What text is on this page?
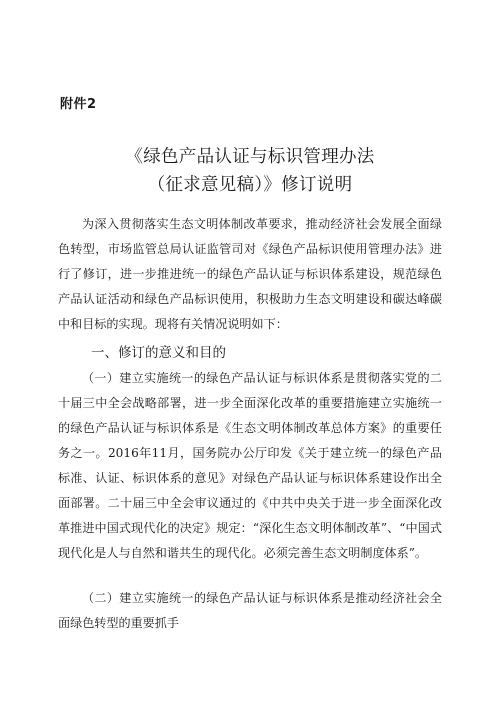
附件2
《绿色产品认证与标识管理办法
（征求意见稿）》修订说明

为深入贯彻落实生态文明体制改革要求，推动经济社会发展全面绿色转型，市场监管总局认证监管司对《绿色产品标识使用管理办法》进行了修订，进一步推进统一的绿色产品认证与标识体系建设，规范绿色产品认证活动和绿色产品标识使用，积极助力生态文明建设和碳达峰碳中和目标的实现。现将有关情况说明如下：

一、修订的意义和目的

（一）建立实施统一的绿色产品认证与标识体系是贯彻落实党的二十届三中全会战略部署，进一步全面深化改革的重要措施建立实施统一的绿色产品认证与标识体系是《生态文明体制改革总体方案》的重要任务之一。2016年11月，国务院办公厅印发《关于建立统一的绿色产品标准、认证、标识体系的意见》对绿色产品认证与标识体系建设作出全面部署。二十届三中全会审议通过的《中共中央关于进一步全面深化改革推进中国式现代化的决定》规定：“深化生态文明体制改革”、“中国式现代化是人与自然和谐共生的现代化。必须完善生态文明制度体系”。

（二）建立实施统一的绿色产品认证与标识体系是推动经济社会全面绿色转型的重要抓手
